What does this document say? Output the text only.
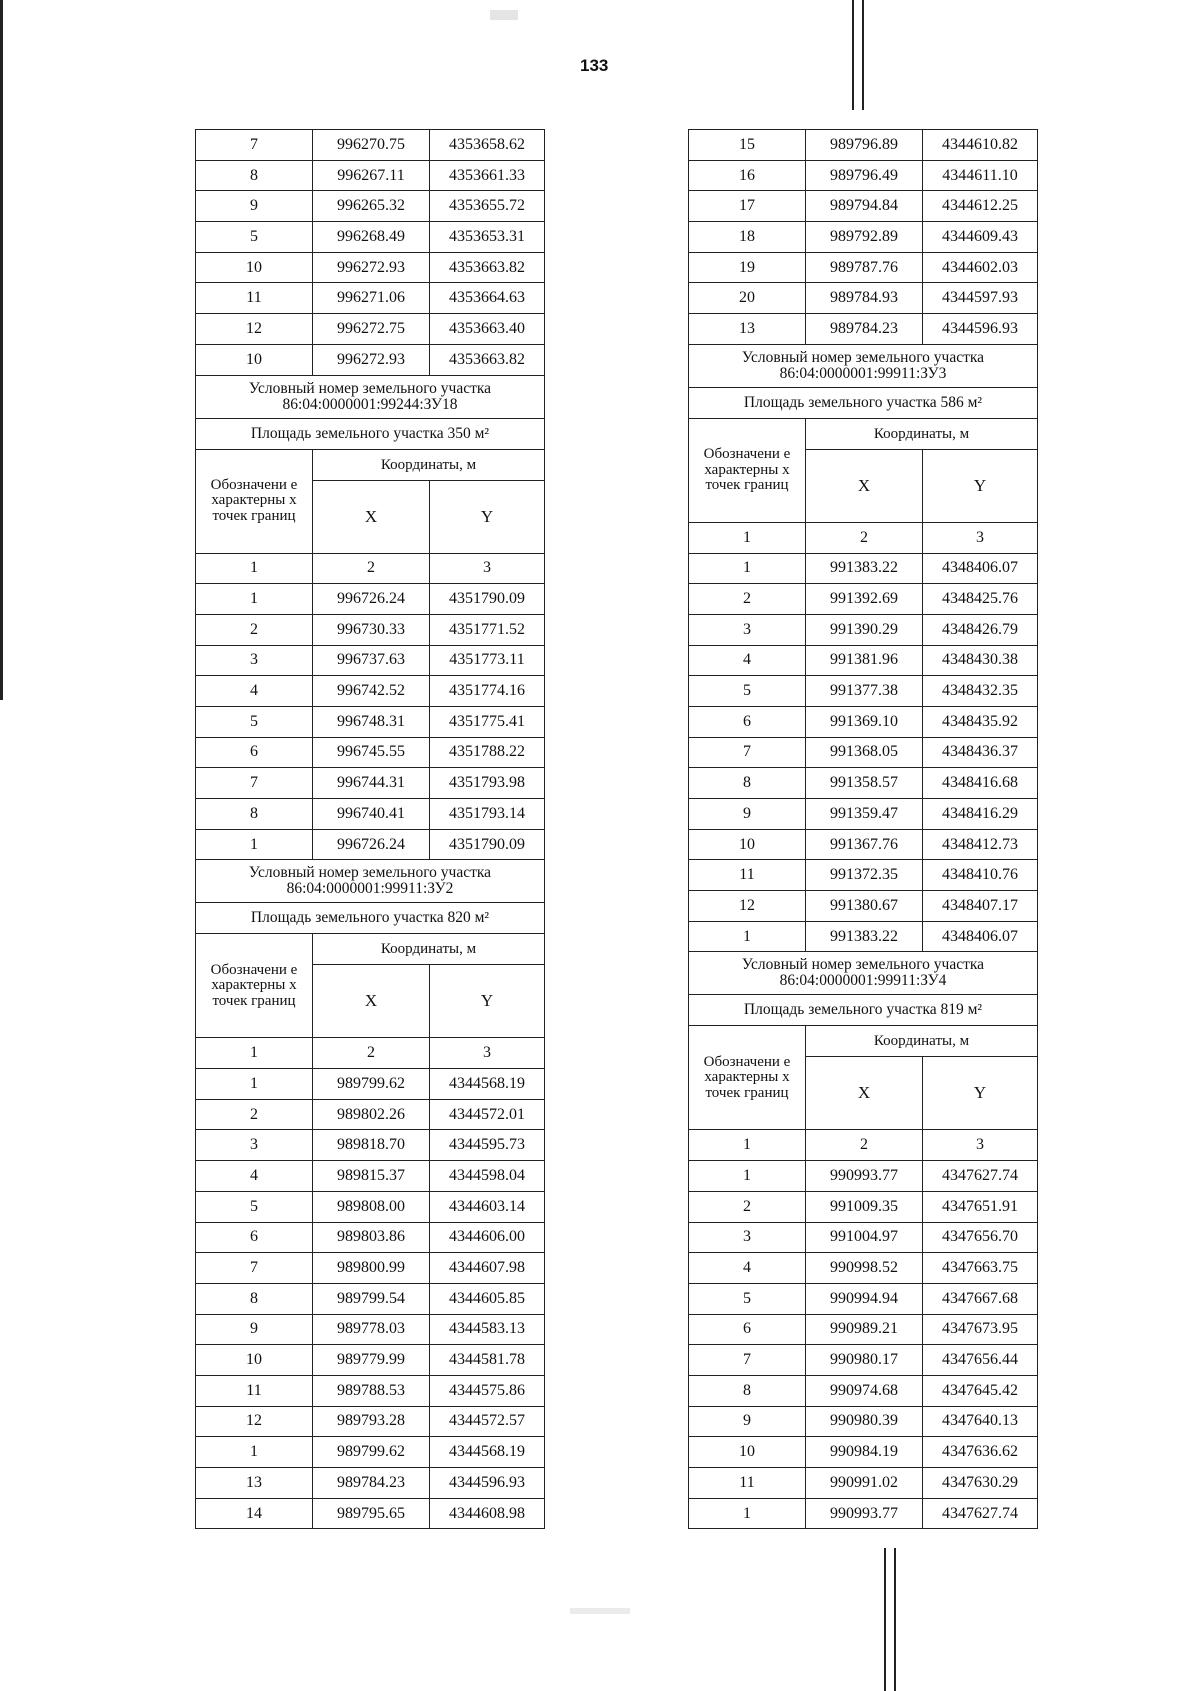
133
7	996270.75	4353658.62
8	996267.11	4353661.33
9	996265.32	4353655.72
5	996268.49	4353653.31
10	996272.93	4353663.82
11	996271.06	4353664.63
12	996272.75	4353663.40
10	996272.93	4353663.82
Условный номер земельного участка
86:04:0000001:99244:ЗУ18		
Площадь земельного участка 350 м²		
Обозначени е характерны х точек границ	Координаты, м	
	X	Y
1	2	3
1	996726.24	4351790.09
2	996730.33	4351771.52
3	996737.63	4351773.11
4	996742.52	4351774.16
5	996748.31	4351775.41
6	996745.55	4351788.22
7	996744.31	4351793.98
8	996740.41	4351793.14
1	996726.24	4351790.09
Условный номер земельного участка
86:04:0000001:99911:ЗУ2		
Площадь земельного участка 820 м²		
Обозначени е характерны х точек границ	Координаты, м	
	X	Y
1	2	3
1	989799.62	4344568.19
2	989802.26	4344572.01
3	989818.70	4344595.73
4	989815.37	4344598.04
5	989808.00	4344603.14
6	989803.86	4344606.00
7	989800.99	4344607.98
8	989799.54	4344605.85
9	989778.03	4344583.13
10	989779.99	4344581.78
11	989788.53	4344575.86
12	989793.28	4344572.57
1	989799.62	4344568.19
13	989784.23	4344596.93
14	989795.65	4344608.98
15	989796.89	4344610.82
16	989796.49	4344611.10
17	989794.84	4344612.25
18	989792.89	4344609.43
19	989787.76	4344602.03
20	989784.93	4344597.93
13	989784.23	4344596.93
Условный номер земельного участка
86:04:0000001:99911:ЗУ3		
Площадь земельного участка 586 м²		
Обозначени е характерны х точек границ	Координаты, м	
	X	Y
1	2	3
1	991383.22	4348406.07
2	991392.69	4348425.76
3	991390.29	4348426.79
4	991381.96	4348430.38
5	991377.38	4348432.35
6	991369.10	4348435.92
7	991368.05	4348436.37
8	991358.57	4348416.68
9	991359.47	4348416.29
10	991367.76	4348412.73
11	991372.35	4348410.76
12	991380.67	4348407.17
1	991383.22	4348406.07
Условный номер земельного участка
86:04:0000001:99911:ЗУ4		
Площадь земельного участка 819 м²		
Обозначени е характерны х точек границ	Координаты, м	
	X	Y
1	2	3
1	990993.77	4347627.74
2	991009.35	4347651.91
3	991004.97	4347656.70
4	990998.52	4347663.75
5	990994.94	4347667.68
6	990989.21	4347673.95
7	990980.17	4347656.44
8	990974.68	4347645.42
9	990980.39	4347640.13
10	990984.19	4347636.62
11	990991.02	4347630.29
1	990993.77	4347627.74
